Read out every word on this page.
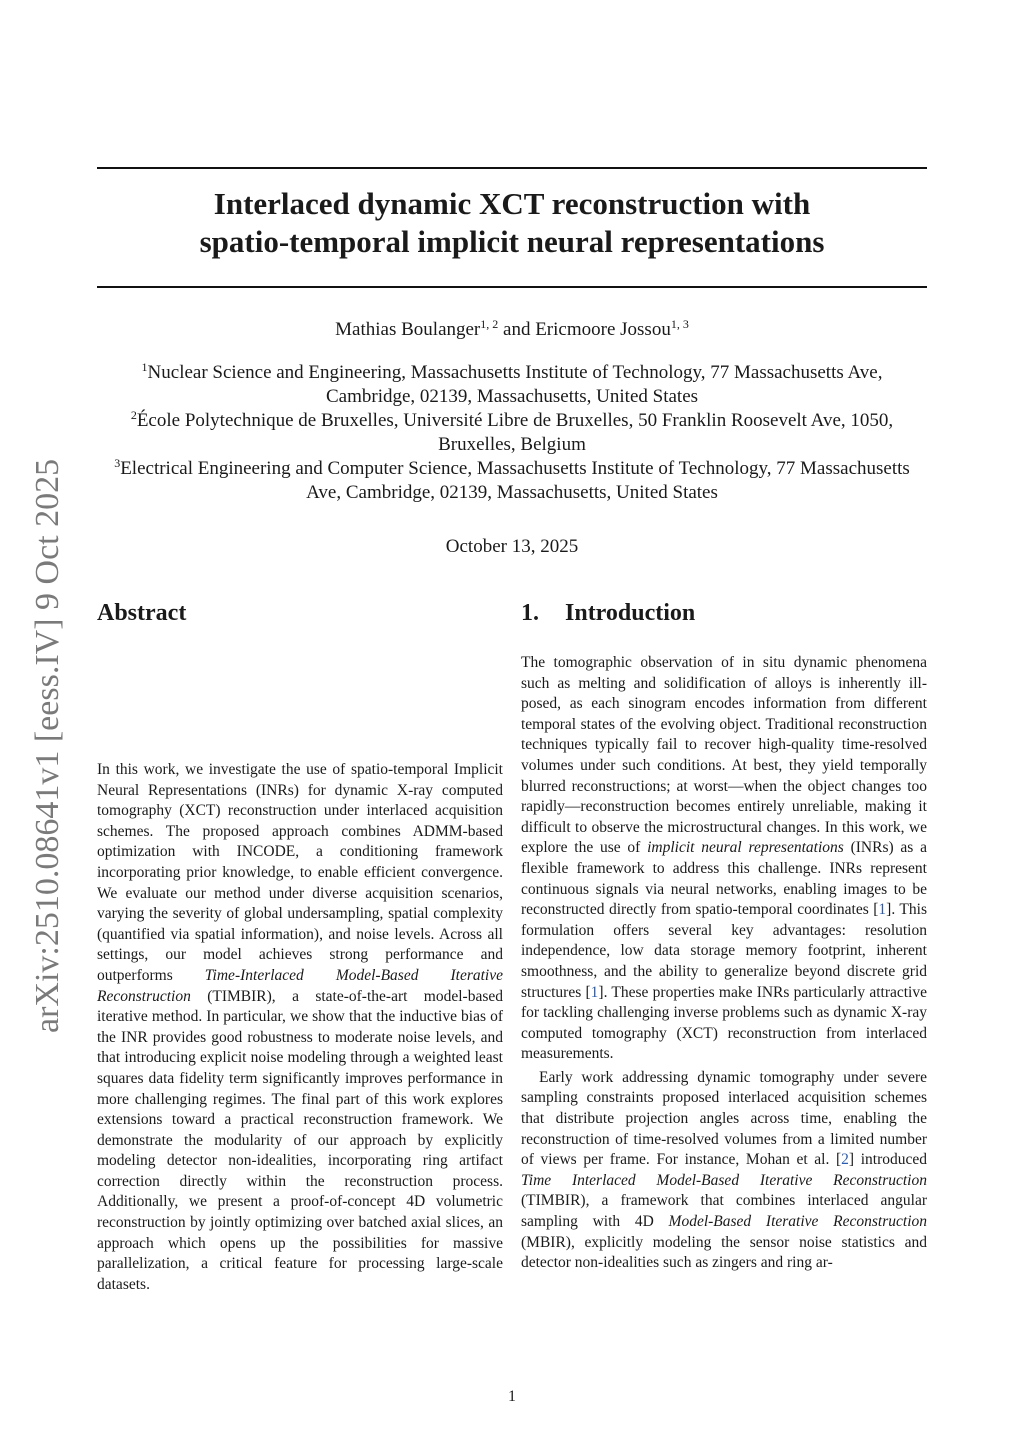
arXiv:2510.08641v1 [eess.IV] 9 Oct 2025
Interlaced dynamic XCT reconstruction with
spatio-temporal implicit neural representations
Mathias Boulanger$^{1, 2}$ and Ericmoore Jossou$^{1, 3}$
$^1$Nuclear Science and Engineering, Massachusetts Institute of Technology, 77 Massachusetts Ave, Cambridge, 02139, Massachusetts, United States
$^2$École Polytechnique de Bruxelles, Université Libre de Bruxelles, 50 Franklin Roosevelt Ave, 1050, Bruxelles, Belgium
$^3$Electrical Engineering and Computer Science, Massachusetts Institute of Technology, 77 Massachusetts Ave, Cambridge, 02139, Massachusetts, United States
October 13, 2025
Abstract	1. Introduction

In this work, we investigate the use of spatio-temporal Implicit Neural Representations (INRs) for dynamic X-ray computed tomography (XCT) reconstruction under interlaced acquisition schemes. The proposed approach combines ADMM-based optimization with INCODE, a conditioning framework incorporating prior knowledge, to enable efficient convergence. We evaluate our method under diverse acquisition scenarios, varying the severity of global undersampling, spatial complexity (quantified via spatial information), and noise levels. Across all settings, our model achieves strong performance and outperforms Time-Interlaced Model-Based Iterative Reconstruction (TIMBIR), a state-of-the-art model-based iterative method. In particular, we show that the inductive bias of the INR provides good robustness to moderate noise levels, and that introducing explicit noise modeling through a weighted least squares data fidelity term significantly improves performance in more challenging regimes. The final part of this work explores extensions toward a practical reconstruction framework. We demonstrate the modularity of our approach by explicitly modeling detector non-idealities, incorporating ring artifact correction directly within the reconstruction process. Additionally, we present a proof-of-concept 4D volumetric reconstruction by jointly optimizing over batched axial slices, an approach which opens up the possibilities for massive parallelization, a critical feature for processing large-scale datasets.

The tomographic observation of in situ dynamic phenomena such as melting and solidification of alloys is inherently ill-posed, as each sinogram encodes information from different temporal states of the evolving object. Traditional reconstruction techniques typically fail to recover high-quality time-resolved volumes under such conditions. At best, they yield temporally blurred reconstructions; at worst—when the object changes too rapidly—reconstruction becomes entirely unreliable, making it difficult to observe the microstructural changes. In this work, we explore the use of implicit neural representations (INRs) as a flexible framework to address this challenge. INRs represent continuous signals via neural networks, enabling images to be reconstructed directly from spatio-temporal coordinates [1]. This formulation offers several key advantages: resolution independence, low data storage memory footprint, inherent smoothness, and the ability to generalize beyond discrete grid structures [1]. These properties make INRs particularly attractive for tackling challenging inverse problems such as dynamic X-ray computed tomography (XCT) reconstruction from interlaced measurements.

Early work addressing dynamic tomography under severe sampling constraints proposed interlaced acquisition schemes that distribute projection angles across time, enabling the reconstruction of time-resolved volumes from a limited number of views per frame. For instance, Mohan et al. [2] introduced Time Interlaced Model-Based Iterative Reconstruction (TIMBIR), a framework that combines interlaced angular sampling with 4D Model-Based Iterative Reconstruction (MBIR), explicitly modeling the sensor noise statistics and detector non-idealities such as zingers and ring ar-

1
